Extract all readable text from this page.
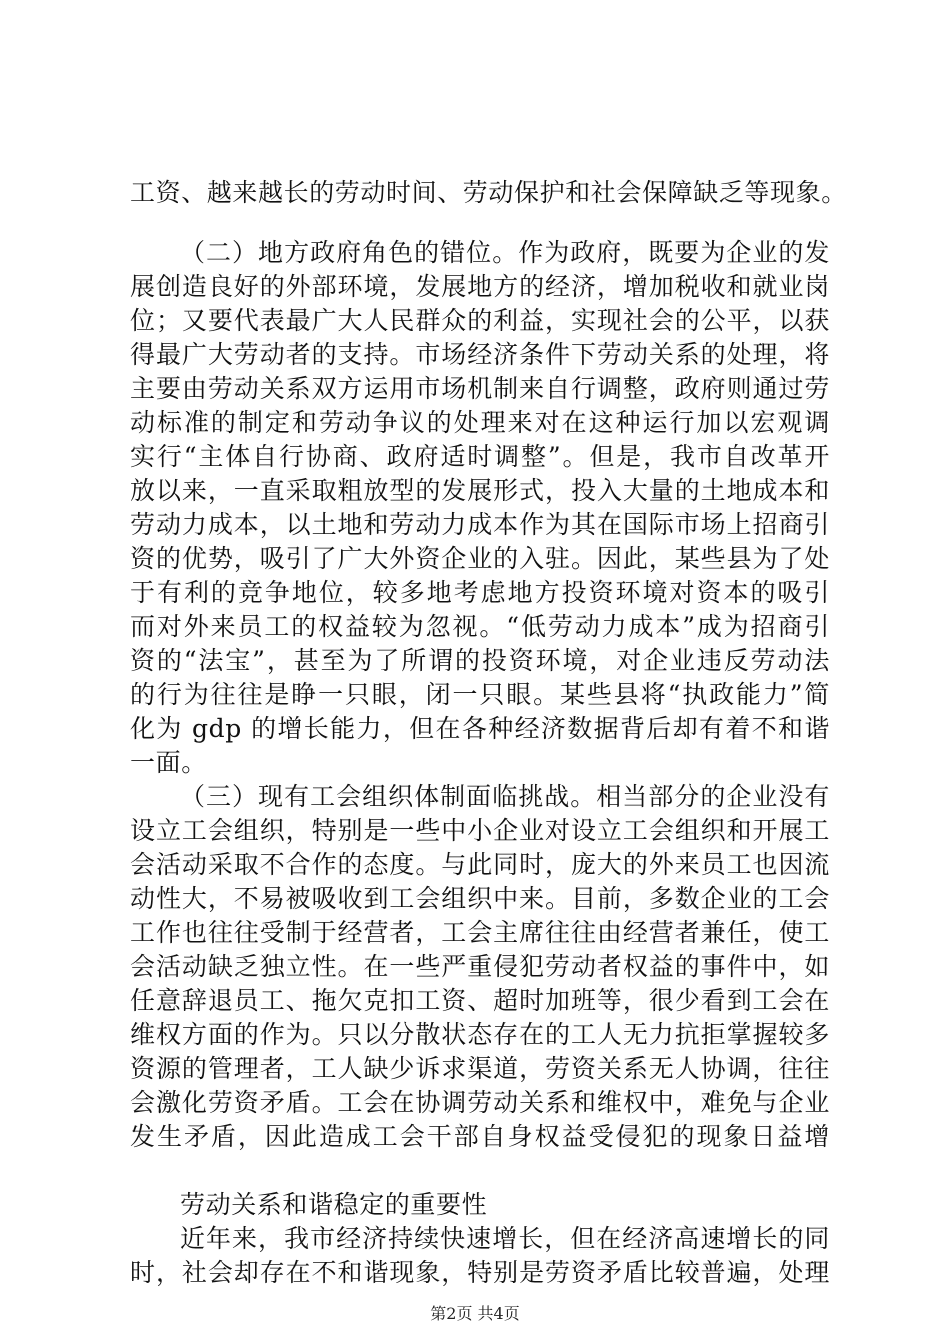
工资、越来越长的劳动时间、劳动保护和社会保障缺乏等现象。
（二）地方政府角色的错位。作为政府，既要为企业的发
展创造良好的外部环境，发展地方的经济，增加税收和就业岗
位；又要代表最广大人民群众的利益，实现社会的公平，以获
得最广大劳动者的支持。市场经济条件下劳动关系的处理，将
主要由劳动关系双方运用市场机制来自行调整，政府则通过劳
动标准的制定和劳动争议的处理来对在这种运行加以宏观调
实行“主体自行协商、政府适时调整”。但是，我市自改革开
放以来，一直采取粗放型的发展形式，投入大量的土地成本和
劳动力成本，以土地和劳动力成本作为其在国际市场上招商引
资的优势，吸引了广大外资企业的入驻。因此，某些县为了处
于有利的竞争地位，较多地考虑地方投资环境对资本的吸引
而对外来员工的权益较为忽视。“低劳动力成本”成为招商引
资的“法宝”，甚至为了所谓的投资环境，对企业违反劳动法
的行为往往是睁一只眼，闭一只眼。某些县将“执政能力”简
化为 gdp 的增长能力，但在各种经济数据背后却有着不和谐
一面。
（三）现有工会组织体制面临挑战。相当部分的企业没有
设立工会组织，特别是一些中小企业对设立工会组织和开展工
会活动采取不合作的态度。与此同时，庞大的外来员工也因流
动性大，不易被吸收到工会组织中来。目前，多数企业的工会
工作也往往受制于经营者，工会主席往往由经营者兼任，使工
会活动缺乏独立性。在一些严重侵犯劳动者权益的事件中，如
任意辞退员工、拖欠克扣工资、超时加班等，很少看到工会在
维权方面的作为。只以分散状态存在的工人无力抗拒掌握较多
资源的管理者，工人缺少诉求渠道，劳资关系无人协调，往往
会激化劳资矛盾。工会在协调劳动关系和维权中，难免与企业
发生矛盾，因此造成工会干部自身权益受侵犯的现象日益增
劳动关系和谐稳定的重要性
近年来，我市经济持续快速增长，但在经济高速增长的同
时，社会却存在不和谐现象，特别是劳资矛盾比较普遍，处理
第2页 共4页
